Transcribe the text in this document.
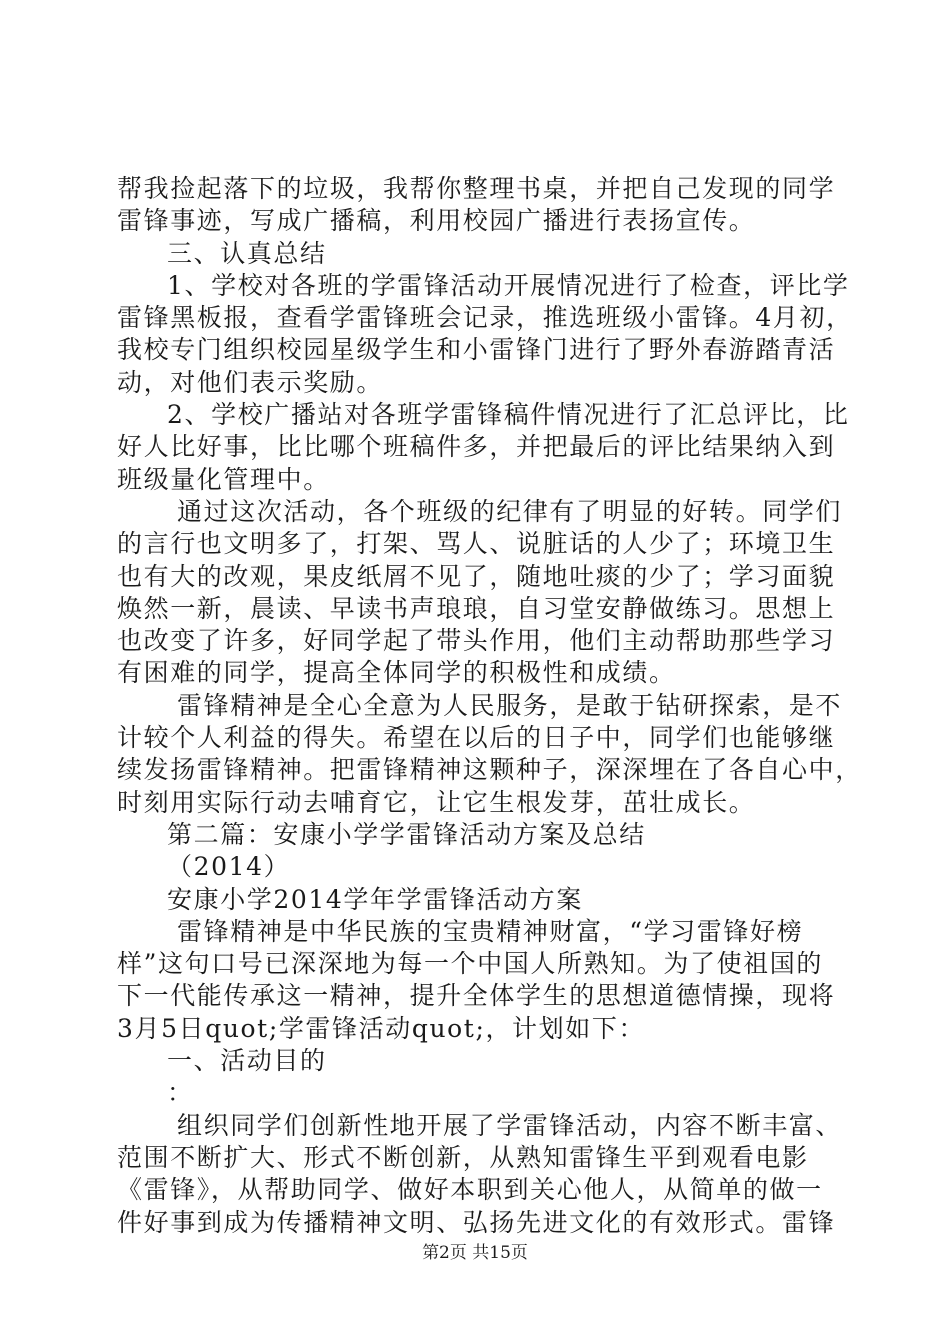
帮我捡起落下的垃圾，我帮你整理书桌，并把自己发现的同学
雷锋事迹，写成广播稿，利用校园广播进行表扬宣传。
三、认真总结
1、学校对各班的学雷锋活动开展情况进行了检查，评比学
雷锋黑板报，查看学雷锋班会记录，推选班级小雷锋。4月初，
我校专门组织校园星级学生和小雷锋门进行了野外春游踏青活
动，对他们表示奖励。
2、学校广播站对各班学雷锋稿件情况进行了汇总评比，比
好人比好事，比比哪个班稿件多，并把最后的评比结果纳入到
班级量化管理中。
通过这次活动，各个班级的纪律有了明显的好转。同学们
的言行也文明多了，打架、骂人、说脏话的人少了；环境卫生
也有大的改观，果皮纸屑不见了，随地吐痰的少了；学习面貌
焕然一新，晨读、早读书声琅琅，自习堂安静做练习。思想上
也改变了许多，好同学起了带头作用，他们主动帮助那些学习
有困难的同学，提高全体同学的积极性和成绩。
雷锋精神是全心全意为人民服务，是敢于钻研探索，是不
计较个人利益的得失。希望在以后的日子中，同学们也能够继
续发扬雷锋精神。把雷锋精神这颗种子，深深埋在了各自心中，
时刻用实际行动去哺育它，让它生根发芽，茁壮成长。
第二篇：安康小学学雷锋活动方案及总结
（2014）
安康小学2014学年学雷锋活动方案
雷锋精神是中华民族的宝贵精神财富，“学习雷锋好榜
样”这句口号已深深地为每一个中国人所熟知。为了使祖国的
下一代能传承这一精神，提升全体学生的思想道德情操，现将
3月5日quot;学雷锋活动quot;，计划如下：
一、活动目的
：
组织同学们创新性地开展了学雷锋活动，内容不断丰富、
范围不断扩大、形式不断创新，从熟知雷锋生平到观看电影
《雷锋》，从帮助同学、做好本职到关心他人，从简单的做一
件好事到成为传播精神文明、弘扬先进文化的有效形式。雷锋
第2页 共15页
